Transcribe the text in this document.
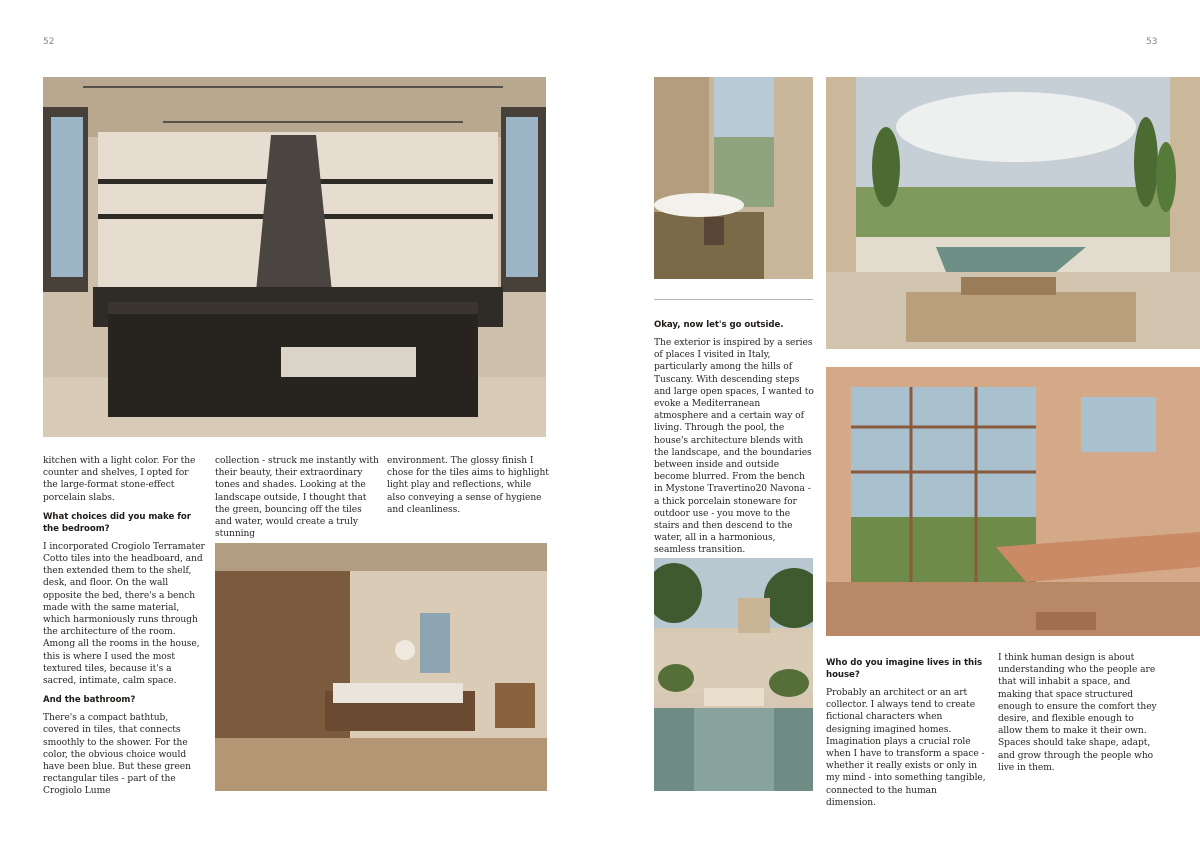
52	53

kitchen with a light color. For the counter and shelves, I opted for the large-format stone-effect porcelain slabs.

What choices did you make for the bedroom?

I incorporated Crogiolo Terramater Cotto tiles into the headboard, and then extended them to the shelf, desk, and floor. On the wall opposite the bed, there's a bench made with the same material, which harmoniously runs through the architecture of the room. Among all the rooms in the house, this is where I used the most textured tiles, because it's a sacred, intimate, calm space.

And the bathroom?

There's a compact bathtub, covered in tiles, that connects smoothly to the shower. For the color, the obvious choice would have been blue. But these green rectangular tiles - part of the Crogiolo Lume

collection - struck me instantly with their beauty, their extraordinary tones and shades. Looking at the landscape outside, I thought that the green, bouncing off the tiles and water, would create a truly stunning

environment. The glossy finish I chose for the tiles aims to highlight light play and reflections, while also conveying a sense of hygiene and cleanliness.

Okay, now let's go outside.

The exterior is inspired by a series of places I visited in Italy, particularly among the hills of Tuscany. With descending steps and large open spaces, I wanted to evoke a Mediterranean atmosphere and a certain way of living. Through the pool, the house's architecture blends with the landscape, and the boundaries between inside and outside become blurred. From the bench in Mystone Travertino20 Navona - a thick porcelain stoneware for outdoor use - you move to the stairs and then descend to the water, all in a harmonious, seamless transition.

Who do you imagine lives in this house?

Probably an architect or an art collector. I always tend to create fictional characters when designing imagined homes. Imagination plays a crucial role when I have to transform a space - whether it really exists or only in my mind - into something tangible, connected to the human dimension.

I think human design is about understanding who the people are that will inhabit a space, and making that space structured enough to ensure the comfort they desire, and flexible enough to allow them to make it their own. Spaces should take shape, adapt, and grow through the people who live in them.
